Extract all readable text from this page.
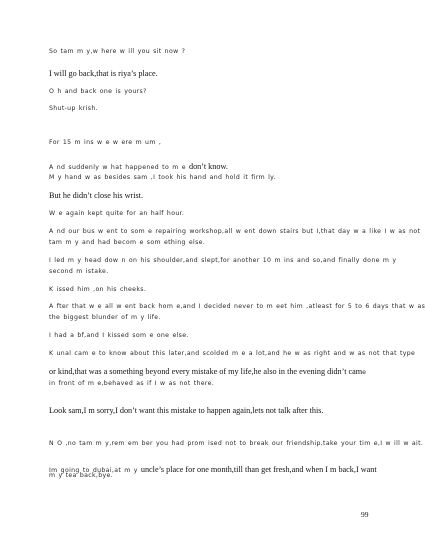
So tam m y,w here w ill you sit now ?
I will go back,that is riya’s place.
O h and back one is yours?
Shut-up krish.
For 15 m ins w e w ere m um ,
A nd suddenly w hat happened to m e don’t know.
M y hand w as besides sam ,I took his hand and hold it firm ly.
But he didn’t close his wrist.
W e again kept quite for an half hour.
A nd our bus w ent to som e repairing workshop,all w ent down stairs but I,that day w a like I w as not
tam m y and had becom e som ething else.
I led m y head dow n on his shoulder,and slept,for another 10 m ins and so,and finally done m y
second m istake.
K issed him ,on his cheeks.
A fter that w e all w ent back hom e,and I decided never to m eet him ,atleast for 5 to 6 days that w as
the biggest blunder of m y life.
I had a bf,and I kissed som e one else.
K unal cam e to know about this later,and scolded m e a lot,and he w as right and w as not that type
or kind,that was a something beyond every mistake of my life,he also in the evening didn’t came
in front of m e,behaved as if I w as not there.
Look sam,I m sorry,I don’t want this mistake to happen again,lets not talk after this.
N O ,no tam m y,rem em ber you had prom ised not to break our friendship,take your tim e,I w ill w ait.
Im going to dubai,at m y uncle’s place for one month,till than get fresh,and when I m back,I want
m y tea back,bye.
99
